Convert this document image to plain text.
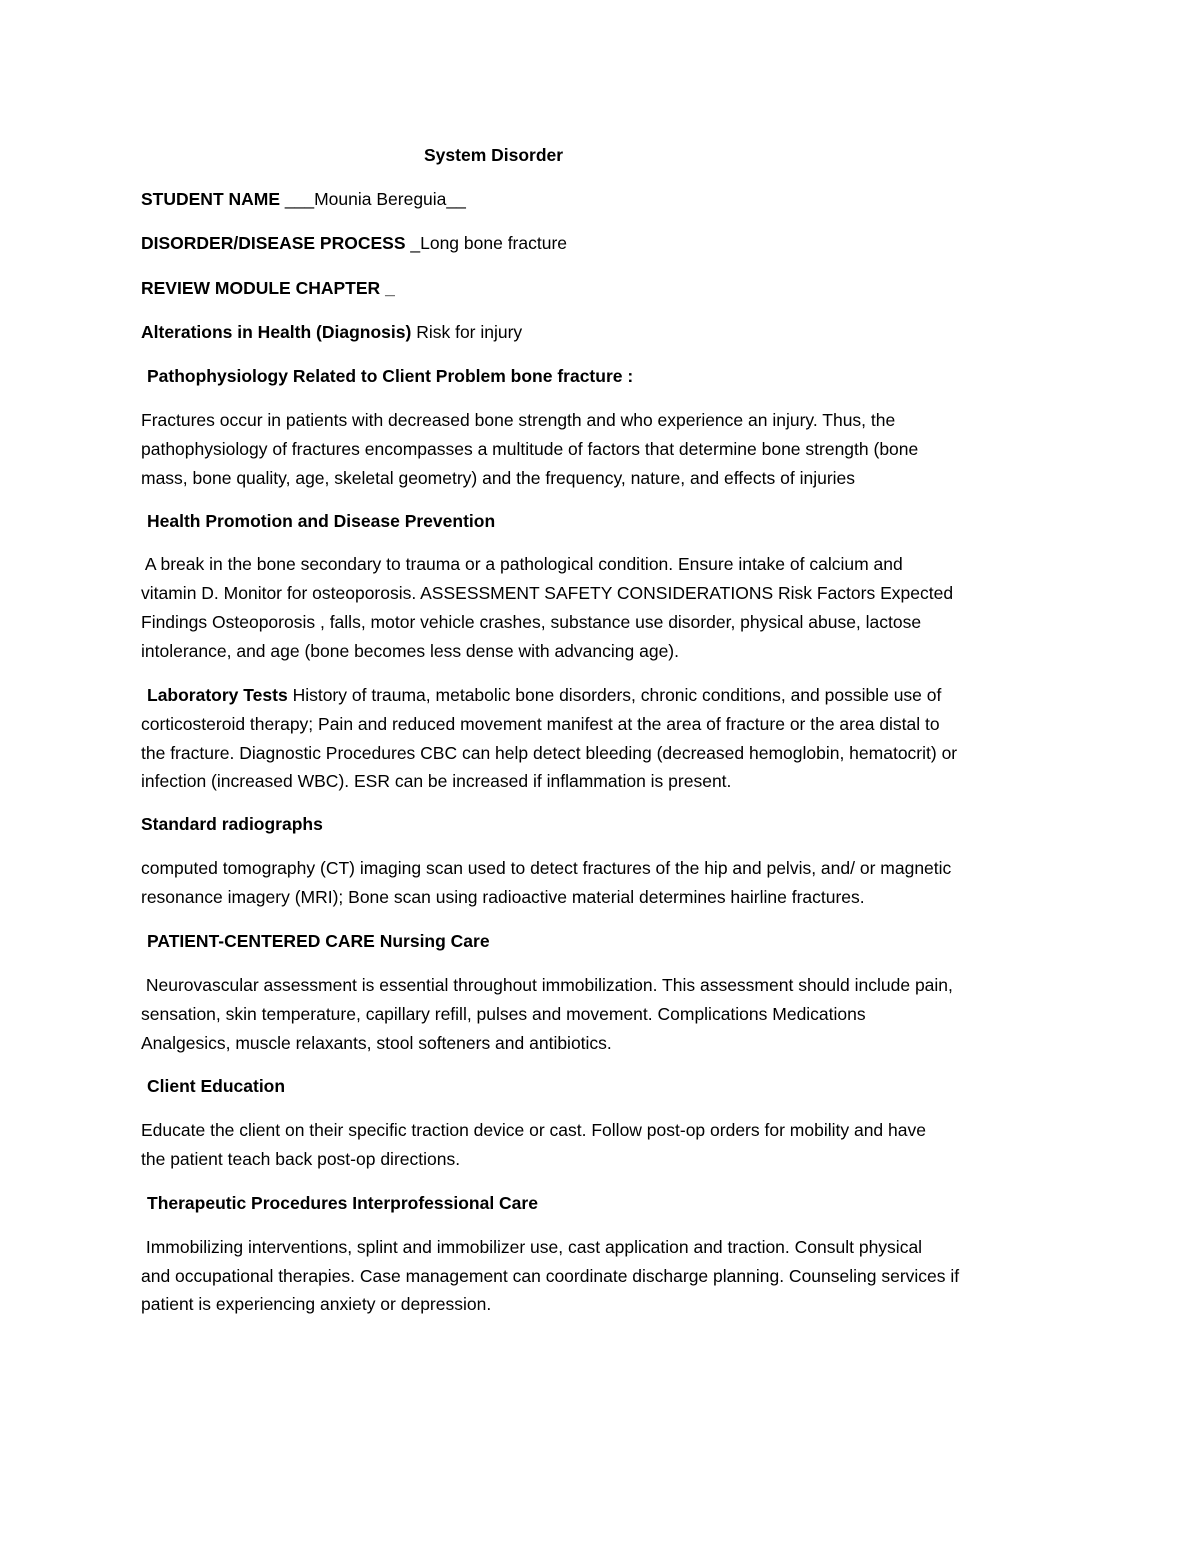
System Disorder
STUDENT NAME ___Mounia Bereguia__
DISORDER/DISEASE PROCESS _Long bone fracture
REVIEW MODULE CHAPTER _
Alterations in Health (Diagnosis) Risk for injury
Pathophysiology Related to Client Problem bone fracture :
Fractures occur in patients with decreased bone strength and who experience an injury. Thus, the
pathophysiology of fractures encompasses a multitude of factors that determine bone strength (bone
mass, bone quality, age, skeletal geometry) and the frequency, nature, and effects of injuries
Health Promotion and Disease Prevention
A break in the bone secondary to trauma or a pathological condition. Ensure intake of calcium and
vitamin D. Monitor for osteoporosis. ASSESSMENT SAFETY CONSIDERATIONS Risk Factors Expected
Findings Osteoporosis , falls, motor vehicle crashes, substance use disorder, physical abuse, lactose
intolerance, and age (bone becomes less dense with advancing age).
Laboratory Tests History of trauma, metabolic bone disorders, chronic conditions, and possible use of
corticosteroid therapy; Pain and reduced movement manifest at the area of fracture or the area distal to
the fracture. Diagnostic Procedures CBC can help detect bleeding (decreased hemoglobin, hematocrit) or
infection (increased WBC). ESR can be increased if inflammation is present.
Standard radiographs
computed tomography (CT) imaging scan used to detect fractures of the hip and pelvis, and/ or magnetic
resonance imagery (MRI); Bone scan using radioactive material determines hairline fractures.
PATIENT-CENTERED CARE Nursing Care
Neurovascular assessment is essential throughout immobilization. This assessment should include pain,
sensation, skin temperature, capillary refill, pulses and movement. Complications Medications
Analgesics, muscle relaxants, stool softeners and antibiotics.
Client Education
Educate the client on their specific traction device or cast. Follow post-op orders for mobility and have
the patient teach back post-op directions.
Therapeutic Procedures Interprofessional Care
Immobilizing interventions, splint and immobilizer use, cast application and traction. Consult physical
and occupational therapies. Case management can coordinate discharge planning. Counseling services if
patient is experiencing anxiety or depression.
